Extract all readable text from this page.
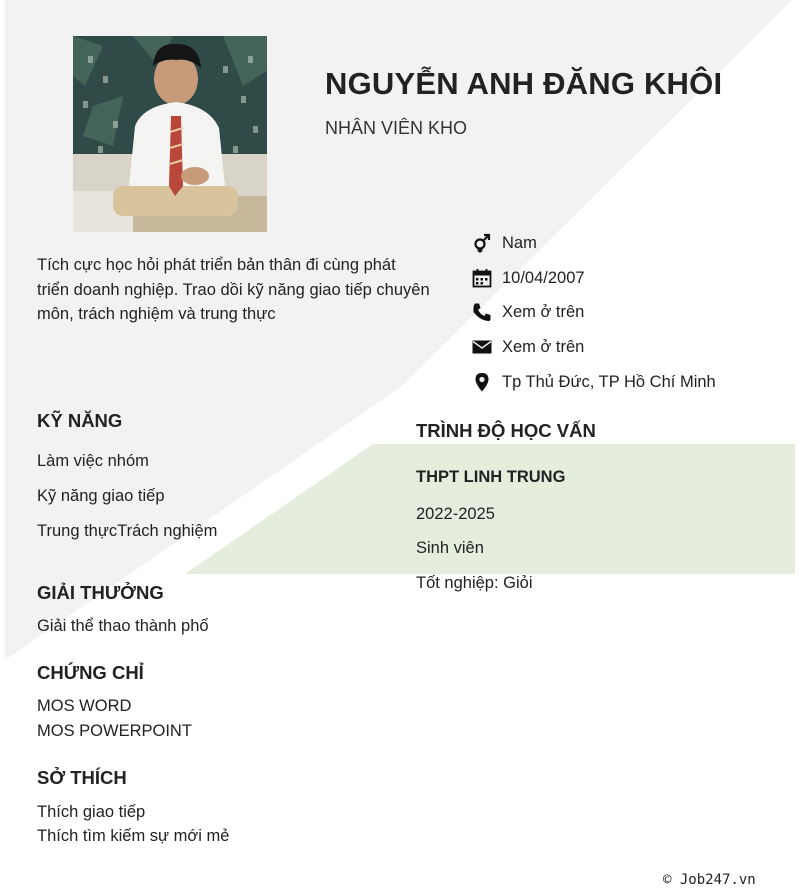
NGUYỄN ANH ĐĂNG KHÔI
NHÂN VIÊN KHO
Tích cực học hỏi phát triển bản thân đi cùng phát triển doanh nghiệp. Trao dồi kỹ năng giao tiếp chuyên môn, trách nghiệm và trung thực
Nam
10/04/2007
Xem ở trên
Xem ở trên
Tp Thủ Đức, TP Hồ Chí Minh
KỸ NĂNG
Làm việc nhóm
Kỹ năng giao tiếp
Trung thựcTrách nghiệm
TRÌNH ĐỘ HỌC VẤN
THPT LINH TRUNG
2022-2025
Sinh viên
Tốt nghiệp: Giỏi
GIẢI THƯỞNG
Giải thể thao thành phố
CHỨNG CHỈ
MOS WORD
MOS POWERPOINT
SỞ THÍCH
Thích giao tiếp
Thích tìm kiếm sự mới mẻ
© Job247.vn
